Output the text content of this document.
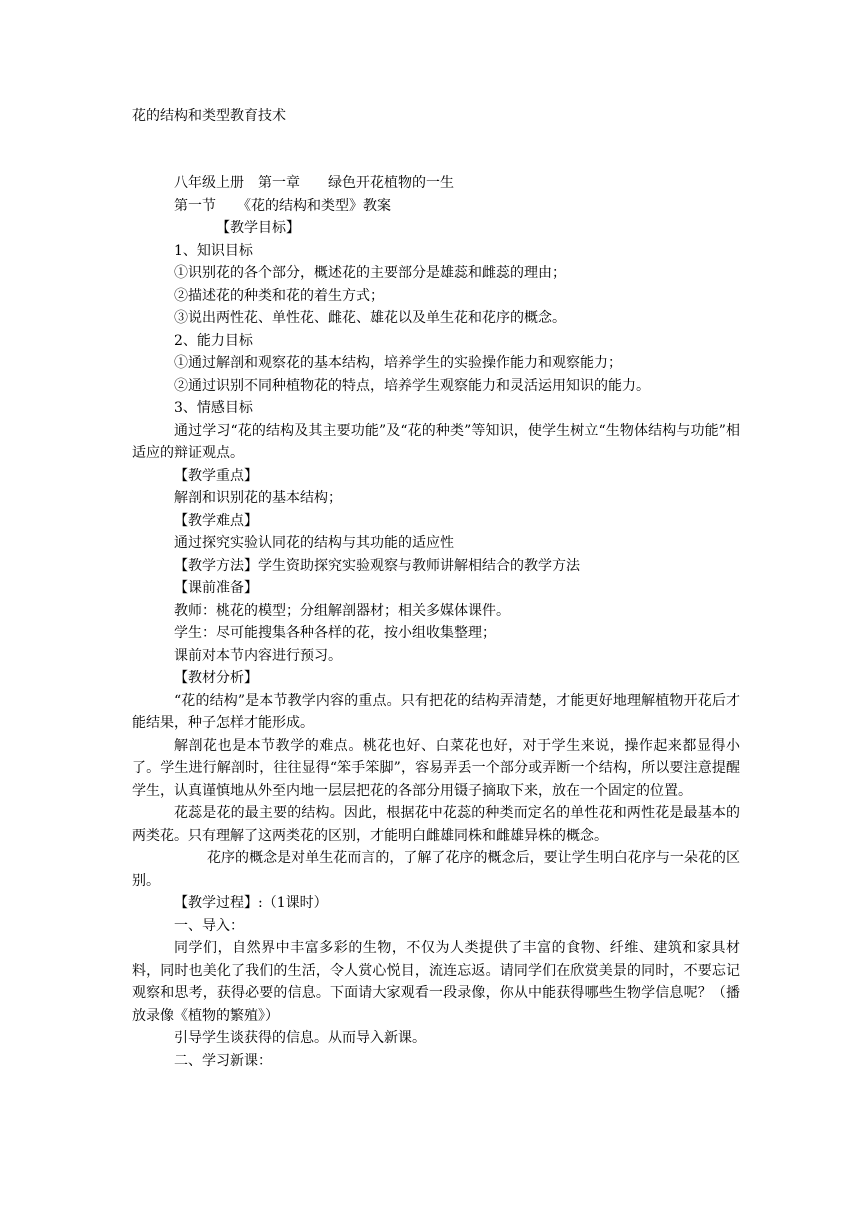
花的结构和类型教育技术

八年级上册　第一章　　绿色开花植物的一生

第一节　　《花的结构和类型》教案

【教学目标】

1、知识目标

①识别花的各个部分，概述花的主要部分是雄蕊和雌蕊的理由；

②描述花的种类和花的着生方式；

③说出两性花、单性花、雌花、雄花以及单生花和花序的概念。

2、能力目标

①通过解剖和观察花的基本结构，培养学生的实验操作能力和观察能力；

②通过识别不同种植物花的特点，培养学生观察能力和灵活运用知识的能力。

3、情感目标

通过学习“花的结构及其主要功能”及“花的种类”等知识，使学生树立“生物体结构与功能”相适应的辩证观点。

【教学重点】

解剖和识别花的基本结构；

【教学难点】

通过探究实验认同花的结构与其功能的适应性

【教学方法】学生资助探究实验观察与教师讲解相结合的教学方法

【课前准备】

教师：桃花的模型；分组解剖器材；相关多媒体课件。

学生：尽可能搜集各种各样的花，按小组收集整理；

课前对本节内容进行预习。

【教材分析】

“花的结构”是本节教学内容的重点。只有把花的结构弄清楚，才能更好地理解植物开花后才能结果，种子怎样才能形成。

解剖花也是本节教学的难点。桃花也好、白菜花也好，对于学生来说，操作起来都显得小了。学生进行解剖时，往往显得“笨手笨脚”，容易弄丢一个部分或弄断一个结构，所以要注意提醒学生，认真谨慎地从外至内地一层层把花的各部分用镊子摘取下来，放在一个固定的位置。

花蕊是花的最主要的结构。因此，根据花中花蕊的种类而定名的单性花和两性花是最基本的两类花。只有理解了这两类花的区别，才能明白雌雄同株和雌雄异株的概念。

花序的概念是对单生花而言的，了解了花序的概念后，要让学生明白花序与一朵花的区别。

【教学过程】:（1课时）

一、导入：

同学们，自然界中丰富多彩的生物，不仅为人类提供了丰富的食物、纤维、建筑和家具材料，同时也美化了我们的生活，令人赏心悦目，流连忘返。请同学们在欣赏美景的同时，不要忘记观察和思考，获得必要的信息。下面请大家观看一段录像，你从中能获得哪些生物学信息呢？（播放录像《植物的繁殖》）

引导学生谈获得的信息。从而导入新课。

二、学习新课：
